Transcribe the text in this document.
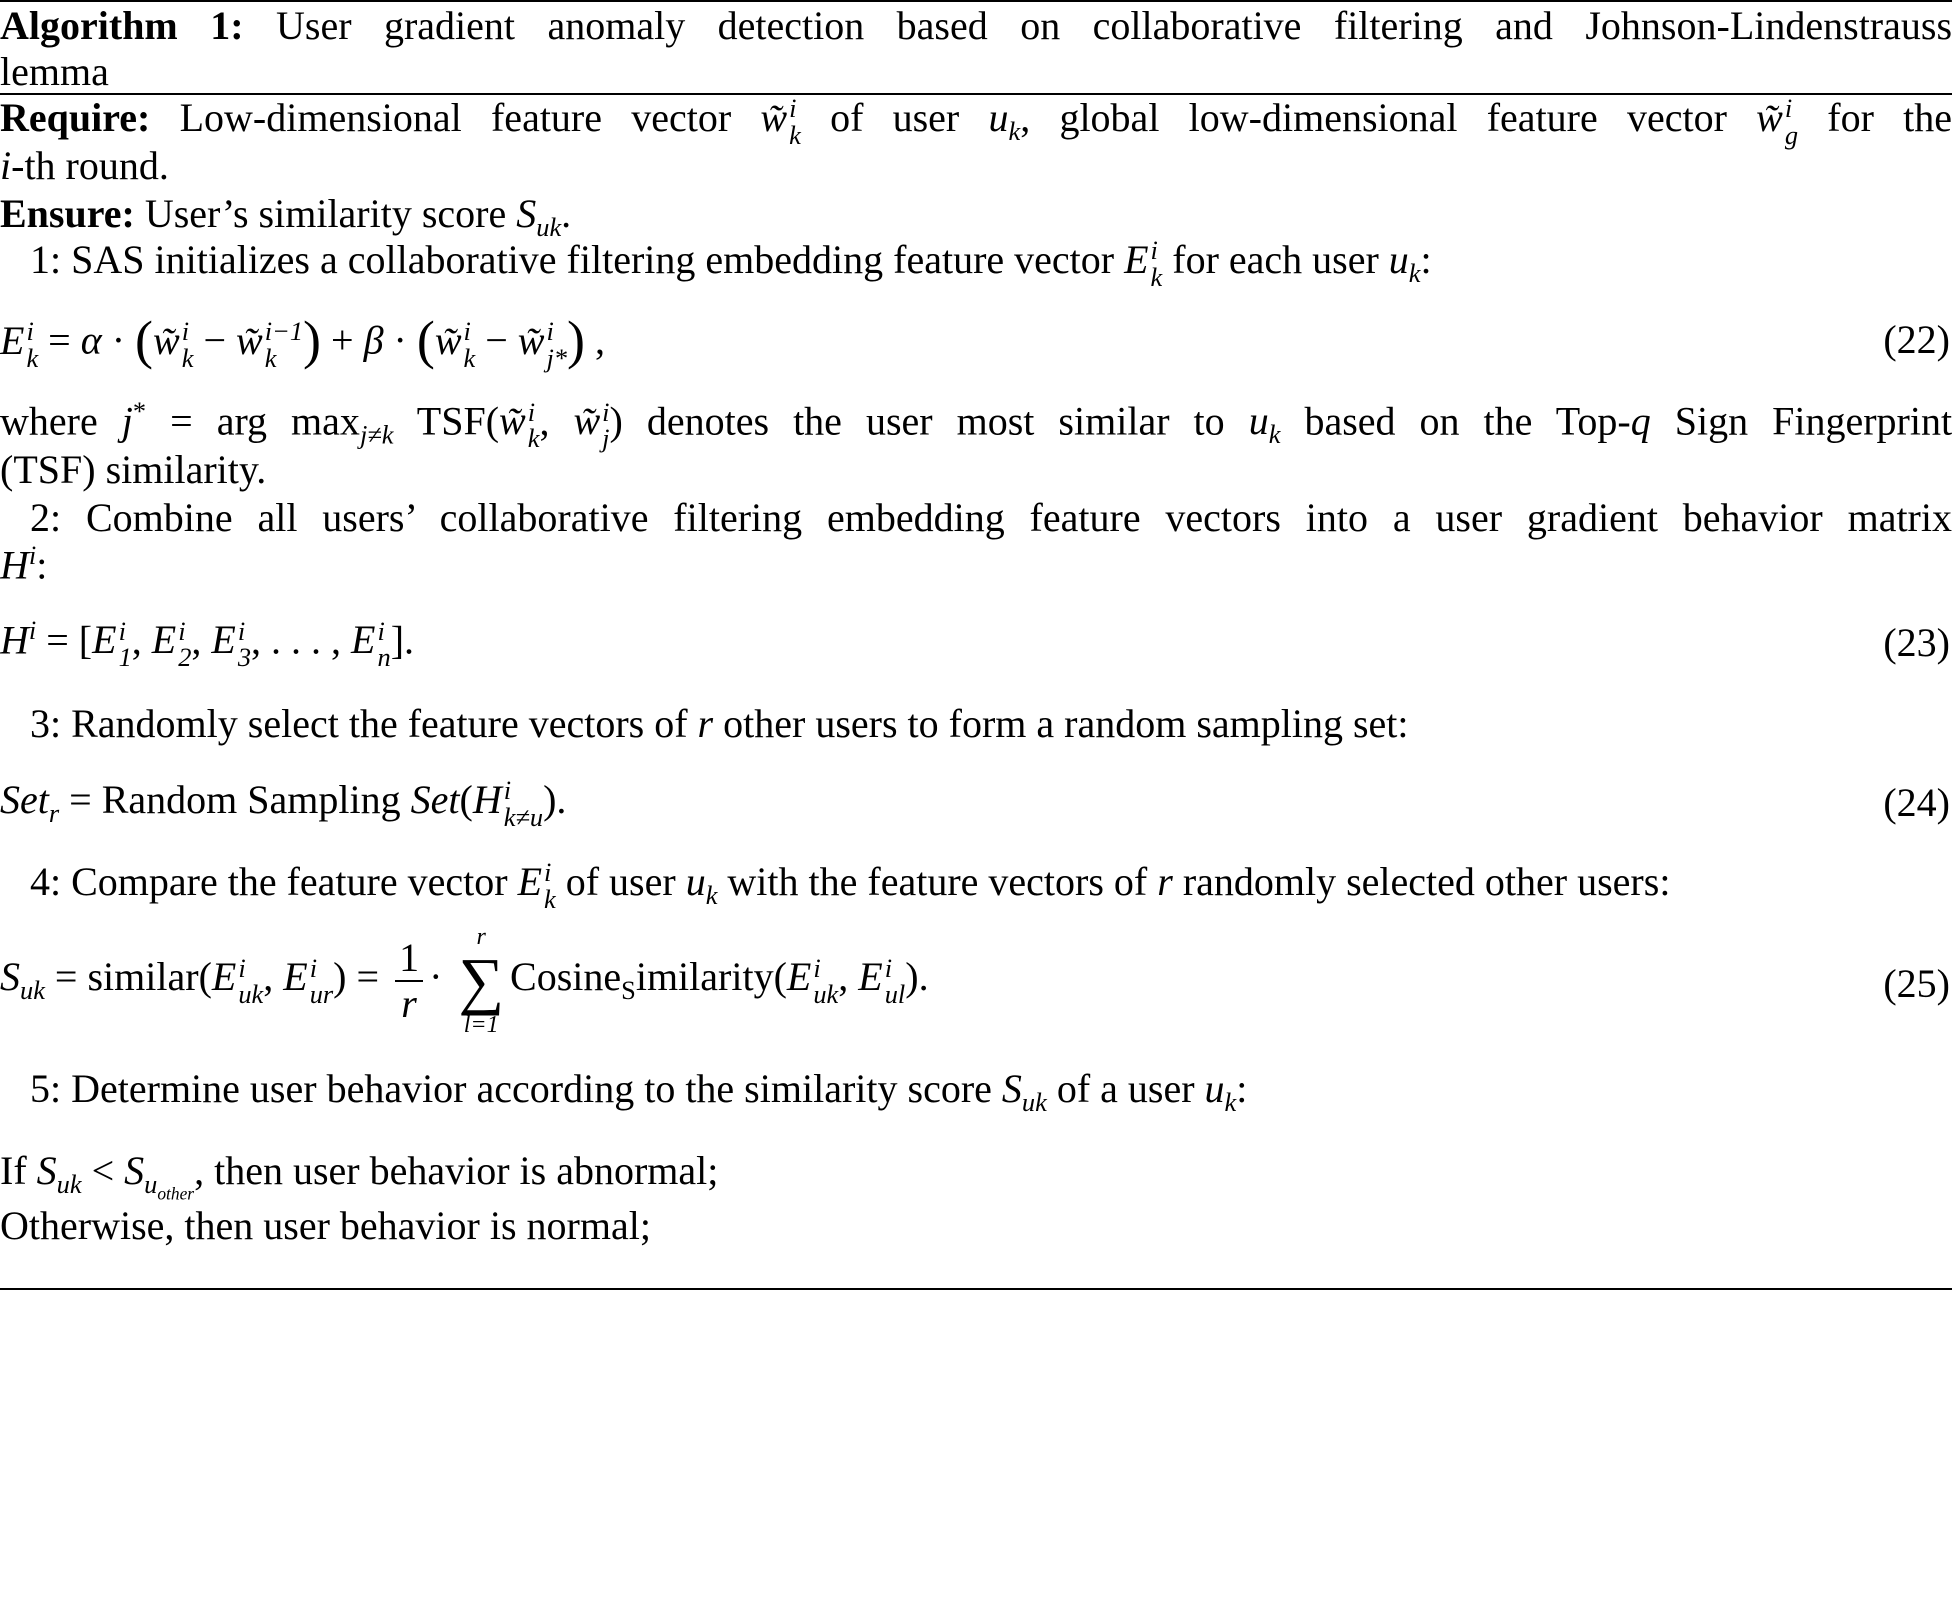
Algorithm 1: User gradient anomaly detection based on collaborative filtering and Johnson-Lindenstrauss
lemma
Require: Low-dimensional feature vector w̃ i
k of user $u_k$, global low-dimensional feature vector w̃ i
g for the
i-th round.
Ensure: User’s similarity score $S_{uk}$.
1: SAS initializes a collaborative filtering embedding feature vector E i
k for each user $u_k$:
E i
k = α · (w̃ i
k − w̃ i−1
k ) + β · (w̃ i
k − w̃ i
j* ) ,	(22)
where j* = arg $\max_{j\ne k}$ TSF(w̃ i
k , w̃ i
j ) denotes the user most similar to $u_k$ based on the Top-q Sign Fingerprint
(TSF) similarity.
2: Combine all users’ collaborative filtering embedding feature vectors into a user gradient behavior matrix
$H^i$:
$H^i = [E$ i
1 , E i
2 , E i
3 , . . . , E i
n ].	(23)
3: Randomly select the feature vectors of r other users to form a random sampling set:
Set$_r$ = Random Sampling Set(H i
k≠u ).	(24)
4: Compare the feature vector E i
k of user $u_k$ with the feature vectors of r randomly selected other users:
$S_{uk}$ = similar(E i
uk , E i
ur ) = $\frac{1}{r}$ ·
r
∑
l=1
Cosine$_S$imilarity(E i
uk , E i
ul ).	(25)
5: Determine user behavior according to the similarity score $S_{uk}$ of a user $u_k$:
If $S_{uk} < S_{u_{other}}$, then user behavior is abnormal;
Otherwise, then user behavior is normal;
